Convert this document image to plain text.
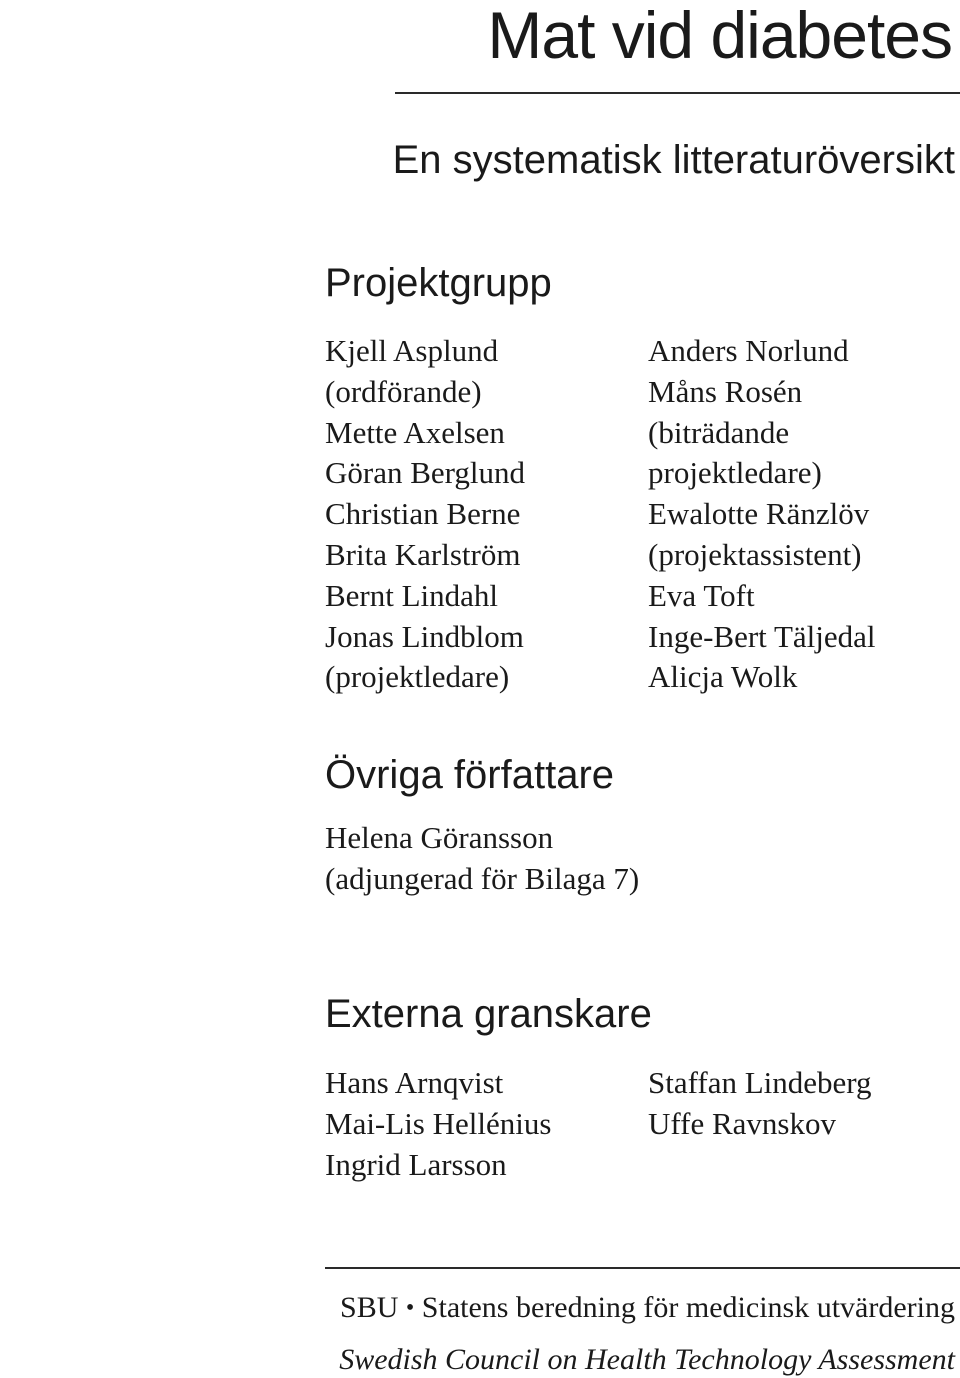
Mat vid diabetes
En systematisk litteraturöversikt
Projektgrupp
Kjell Asplund
(ordförande)
Mette Axelsen
Göran Berglund
Christian Berne
Brita Karlström
Bernt Lindahl
Jonas Lindblom
(projektledare)
Anders Norlund
Måns Rosén
(biträdande
projektledare)
Ewalotte Ränzlöv
(projektassistent)
Eva Toft
Inge-Bert Täljedal
Alicja Wolk
Övriga författare
Helena Göransson
(adjungerad för Bilaga 7)
Externa granskare
Hans Arnqvist
Mai-Lis Hellénius
Ingrid Larsson
Staffan Lindeberg
Uffe Ravnskov
SBU • Statens beredning för medicinsk utvärdering
Swedish Council on Health Technology Assessment
